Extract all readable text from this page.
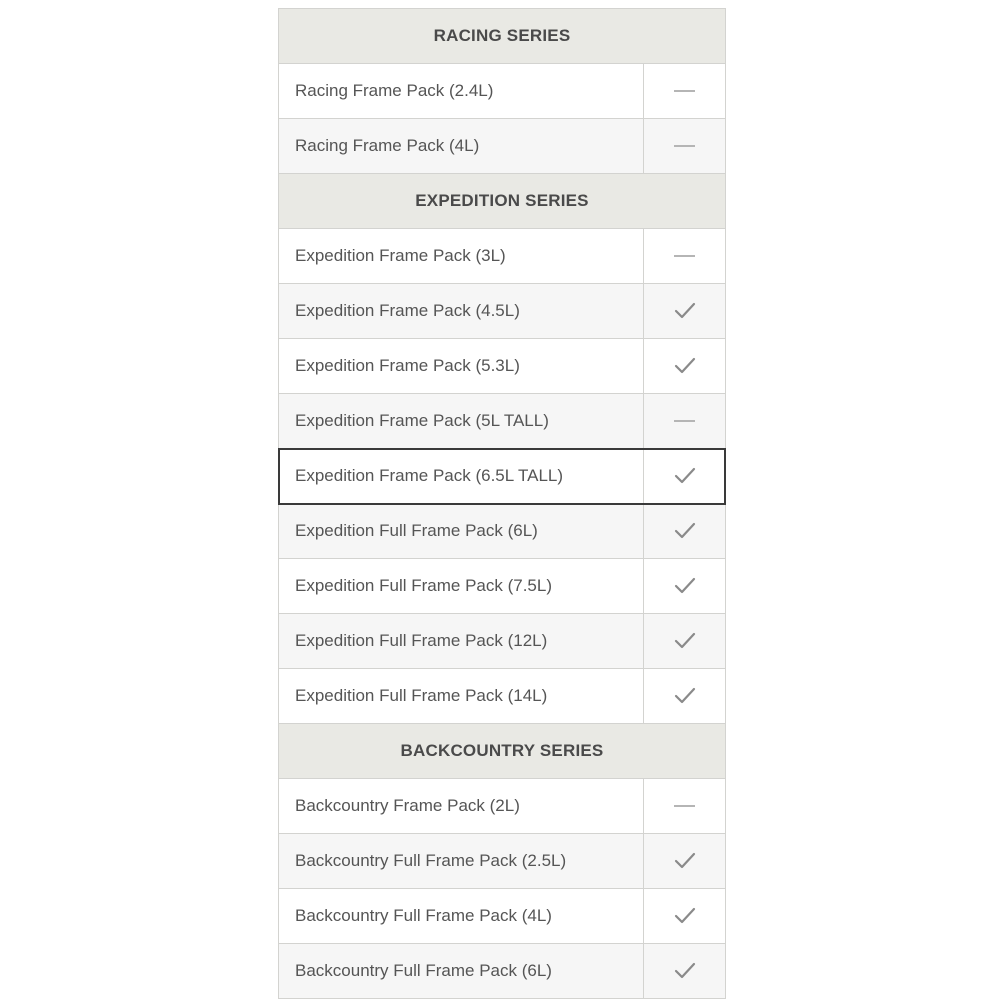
RACING SERIES
Racing Frame Pack (2.4L)
Racing Frame Pack (4L)
EXPEDITION SERIES
Expedition Frame Pack (3L)
Expedition Frame Pack (4.5L)
Expedition Frame Pack (5.3L)
Expedition Frame Pack (5L TALL)
Expedition Frame Pack (6.5L TALL)
Expedition Full Frame Pack (6L)
Expedition Full Frame Pack (7.5L)
Expedition Full Frame Pack (12L)
Expedition Full Frame Pack (14L)
BACKCOUNTRY SERIES
Backcountry Frame Pack (2L)
Backcountry Full Frame Pack (2.5L)
Backcountry Full Frame Pack (4L)
Backcountry Full Frame Pack (6L)
